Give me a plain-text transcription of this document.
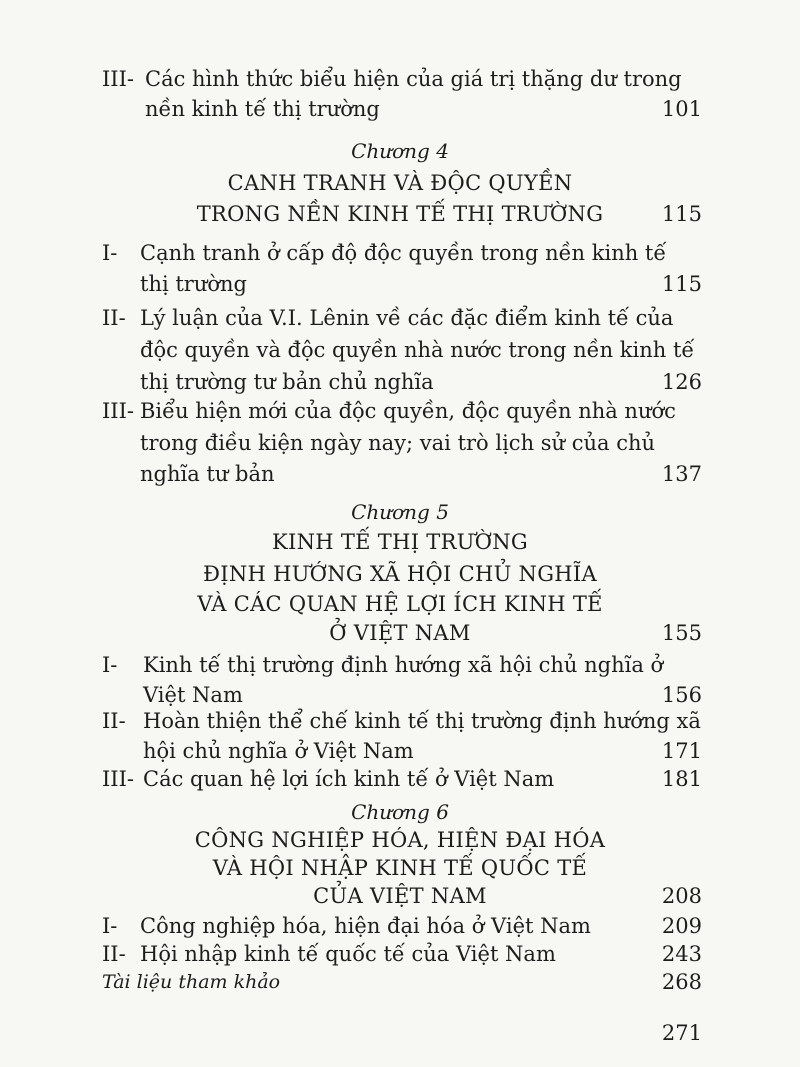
III- Các hình thức biểu hiện của giá trị thặng dư trong
nền kinh tế thị trường	101
Chương 4
CANH TRANH VÀ ĐỘC QUYỀN
TRONG NỀN KINH TẾ THỊ TRƯỜNG	115
I-	Cạnh tranh ở cấp độ độc quyền trong nền kinh tế
thị trường	115
II- Lý luận của V.I. Lênin về các đặc điểm kinh tế của
độc quyền và độc quyền nhà nước trong nền kinh tế
thị trường tư bản chủ nghĩa	126
III- Biểu hiện mới của độc quyền, độc quyền nhà nước
trong điều kiện ngày nay; vai trò lịch sử của chủ
nghĩa tư bản	137
Chương 5
KINH TẾ THỊ TRƯỜNG
ĐỊNH HƯỚNG XÃ HỘI CHỦ NGHĨA
VÀ CÁC QUAN HỆ LỢI ÍCH KINH TẾ
Ở VIỆT NAM	155
I-	Kinh tế thị trường định hướng xã hội chủ nghĩa ở
Việt Nam	156
II- Hoàn thiện thể chế kinh tế thị trường định hướng xã
hội chủ nghĩa ở Việt Nam	171
III- Các quan hệ lợi ích kinh tế ở Việt Nam	181
Chương 6
CÔNG NGHIỆP HÓA, HIỆN ĐẠI HÓA
VÀ HỘI NHẬP KINH TẾ QUỐC TẾ
CỦA VIỆT NAM	208
I-	Công nghiệp hóa, hiện đại hóa ở Việt Nam	209
II- Hội nhập kinh tế quốc tế của Việt Nam	243
Tài liệu tham khảo	268
271
